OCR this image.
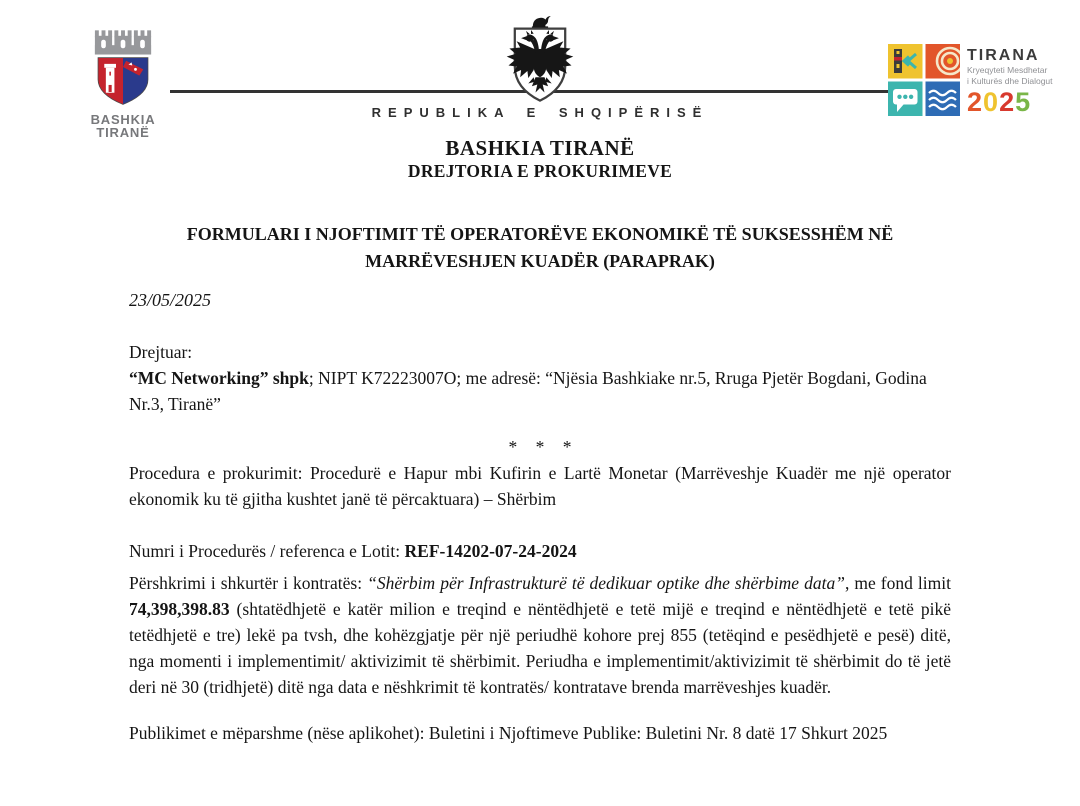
BASHKIA
TIRANË
REPUBLIKA E SHQIPËRISË
TIRANA
Kryeqyteti Mesdhetar
i Kulturës dhe Dialogut
2025
BASHKIA TIRANË
DREJTORIA E PROKURIMEVE
FORMULARI I NJOFTIMIT TË OPERATORËVE EKONOMIKË TË SUKSESSHËM NË
MARRËVESHJEN KUADËR (PARAPRAK)
23/05/2025
Drejtuar:
“MC Networking” shpk; NIPT K72223007O; me adresë: “Njësia Bashkiake nr.5, Rruga Pjetër Bogdani, Godina Nr.3, Tiranë”
* * *
Procedura e prokurimit: Procedurë e Hapur mbi Kufirin e Lartë Monetar (Marrëveshje Kuadër me një operator ekonomik ku të gjitha kushtet janë të përcaktuara) – Shërbim
Numri i Procedurës / referenca e Lotit: REF-14202-07-24-2024
Përshkrimi i shkurtër i kontratës: “Shërbim për Infrastrukturë të dedikuar optike dhe shërbime data”, me fond limit 74,398,398.83 (shtatëdhjetë e katër milion e treqind e nëntëdhjetë e tetë mijë e treqind e nëntëdhjetë e tetë pikë tetëdhjetë e tre) lekë pa tvsh, dhe kohëzgjatje për një periudhë kohore prej 855 (tetëqind e pesëdhjetë e pesë) ditë, nga momenti i implementimit/ aktivizimit të shërbimit. Periudha e implementimit/aktivizimit të shërbimit do të jetë deri në 30 (tridhjetë) ditë nga data e nëshkrimit të kontratës/ kontratave brenda marrëveshjes kuadër.
Publikimet e mëparshme (nëse aplikohet): Buletini i Njoftimeve Publike: Buletini Nr. 8 datë 17 Shkurt 2025
